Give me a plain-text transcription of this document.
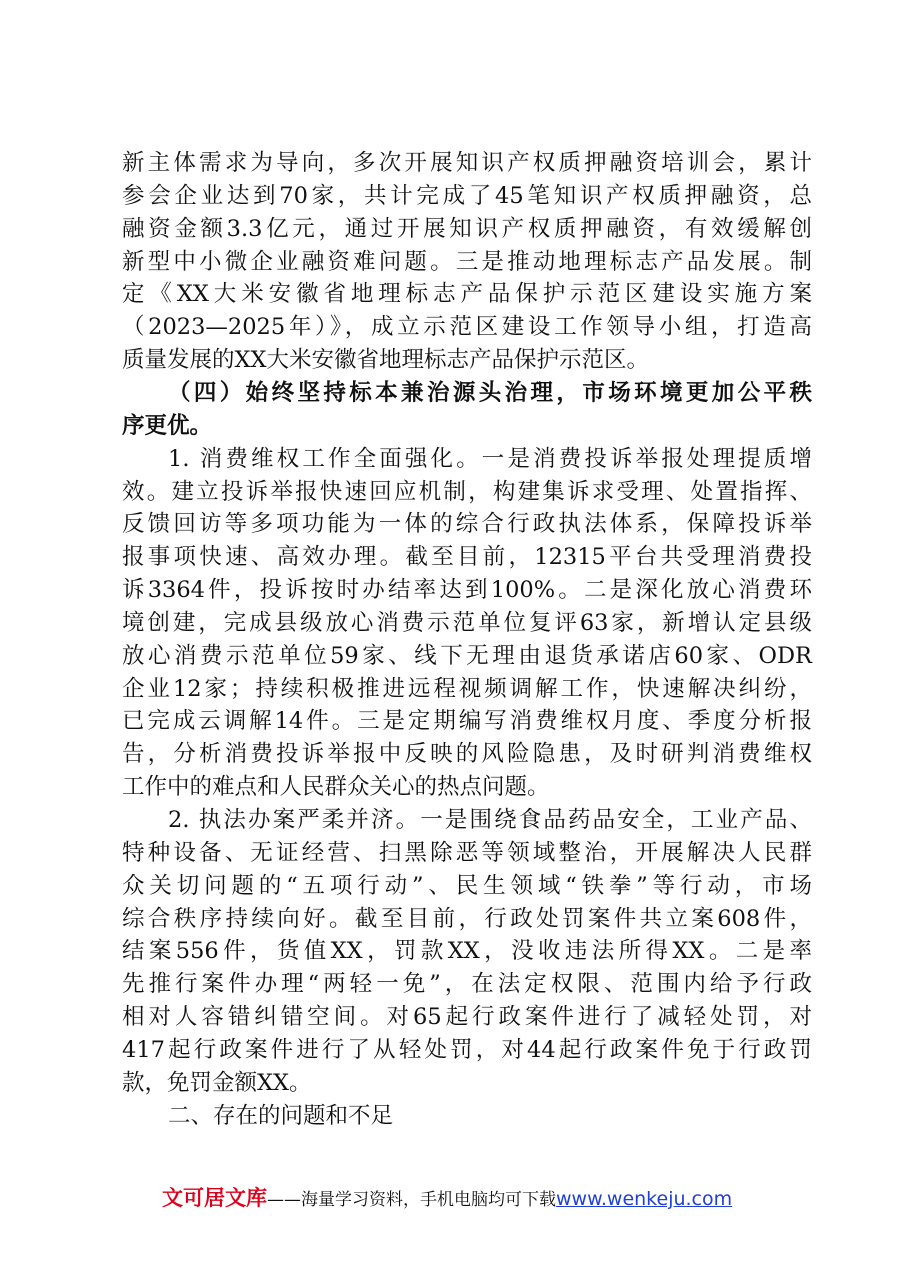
新主体需求为导向，多次开展知识产权质押融资培训会，累计
参会企业达到70家，共计完成了45笔知识产权质押融资，总
融资金额3.3亿元，通过开展知识产权质押融资，有效缓解创
新型中小微企业融资难问题。三是推动地理标志产品发展。制
定《XX大米安徽省地理标志产品保护示范区建设实施方案
（2023—2025年）》，成立示范区建设工作领导小组，打造高
质量发展的XX大米安徽省地理标志产品保护示范区。
（四）始终坚持标本兼治源头治理，市场环境更加公平秩
序更优。
1. 消费维权工作全面强化。一是消费投诉举报处理提质增
效。建立投诉举报快速回应机制，构建集诉求受理、处置指挥、
反馈回访等多项功能为一体的综合行政执法体系，保障投诉举
报事项快速、高效办理。截至目前，12315平台共受理消费投
诉3364件，投诉按时办结率达到100%。二是深化放心消费环
境创建，完成县级放心消费示范单位复评63家，新增认定县级
放心消费示范单位59家、线下无理由退货承诺店60家、ODR
企业12家；持续积极推进远程视频调解工作，快速解决纠纷，
已完成云调解14件。三是定期编写消费维权月度、季度分析报
告，分析消费投诉举报中反映的风险隐患，及时研判消费维权
工作中的难点和人民群众关心的热点问题。
2. 执法办案严柔并济。一是围绕食品药品安全，工业产品、
特种设备、无证经营、扫黑除恶等领域整治，开展解决人民群
众关切问题的“五项行动”、民生领域“铁拳”等行动，市场
综合秩序持续向好。截至目前，行政处罚案件共立案608件，
结案556件，货值XX，罚款XX，没收违法所得XX。二是率
先推行案件办理“两轻一免”，在法定权限、范围内给予行政
相对人容错纠错空间。对65起行政案件进行了减轻处罚，对
417起行政案件进行了从轻处罚，对44起行政案件免于行政罚
款，免罚金额XX。
二、存在的问题和不足
文可居文库——海量学习资料，手机电脑均可下载www.wenkeju.com
